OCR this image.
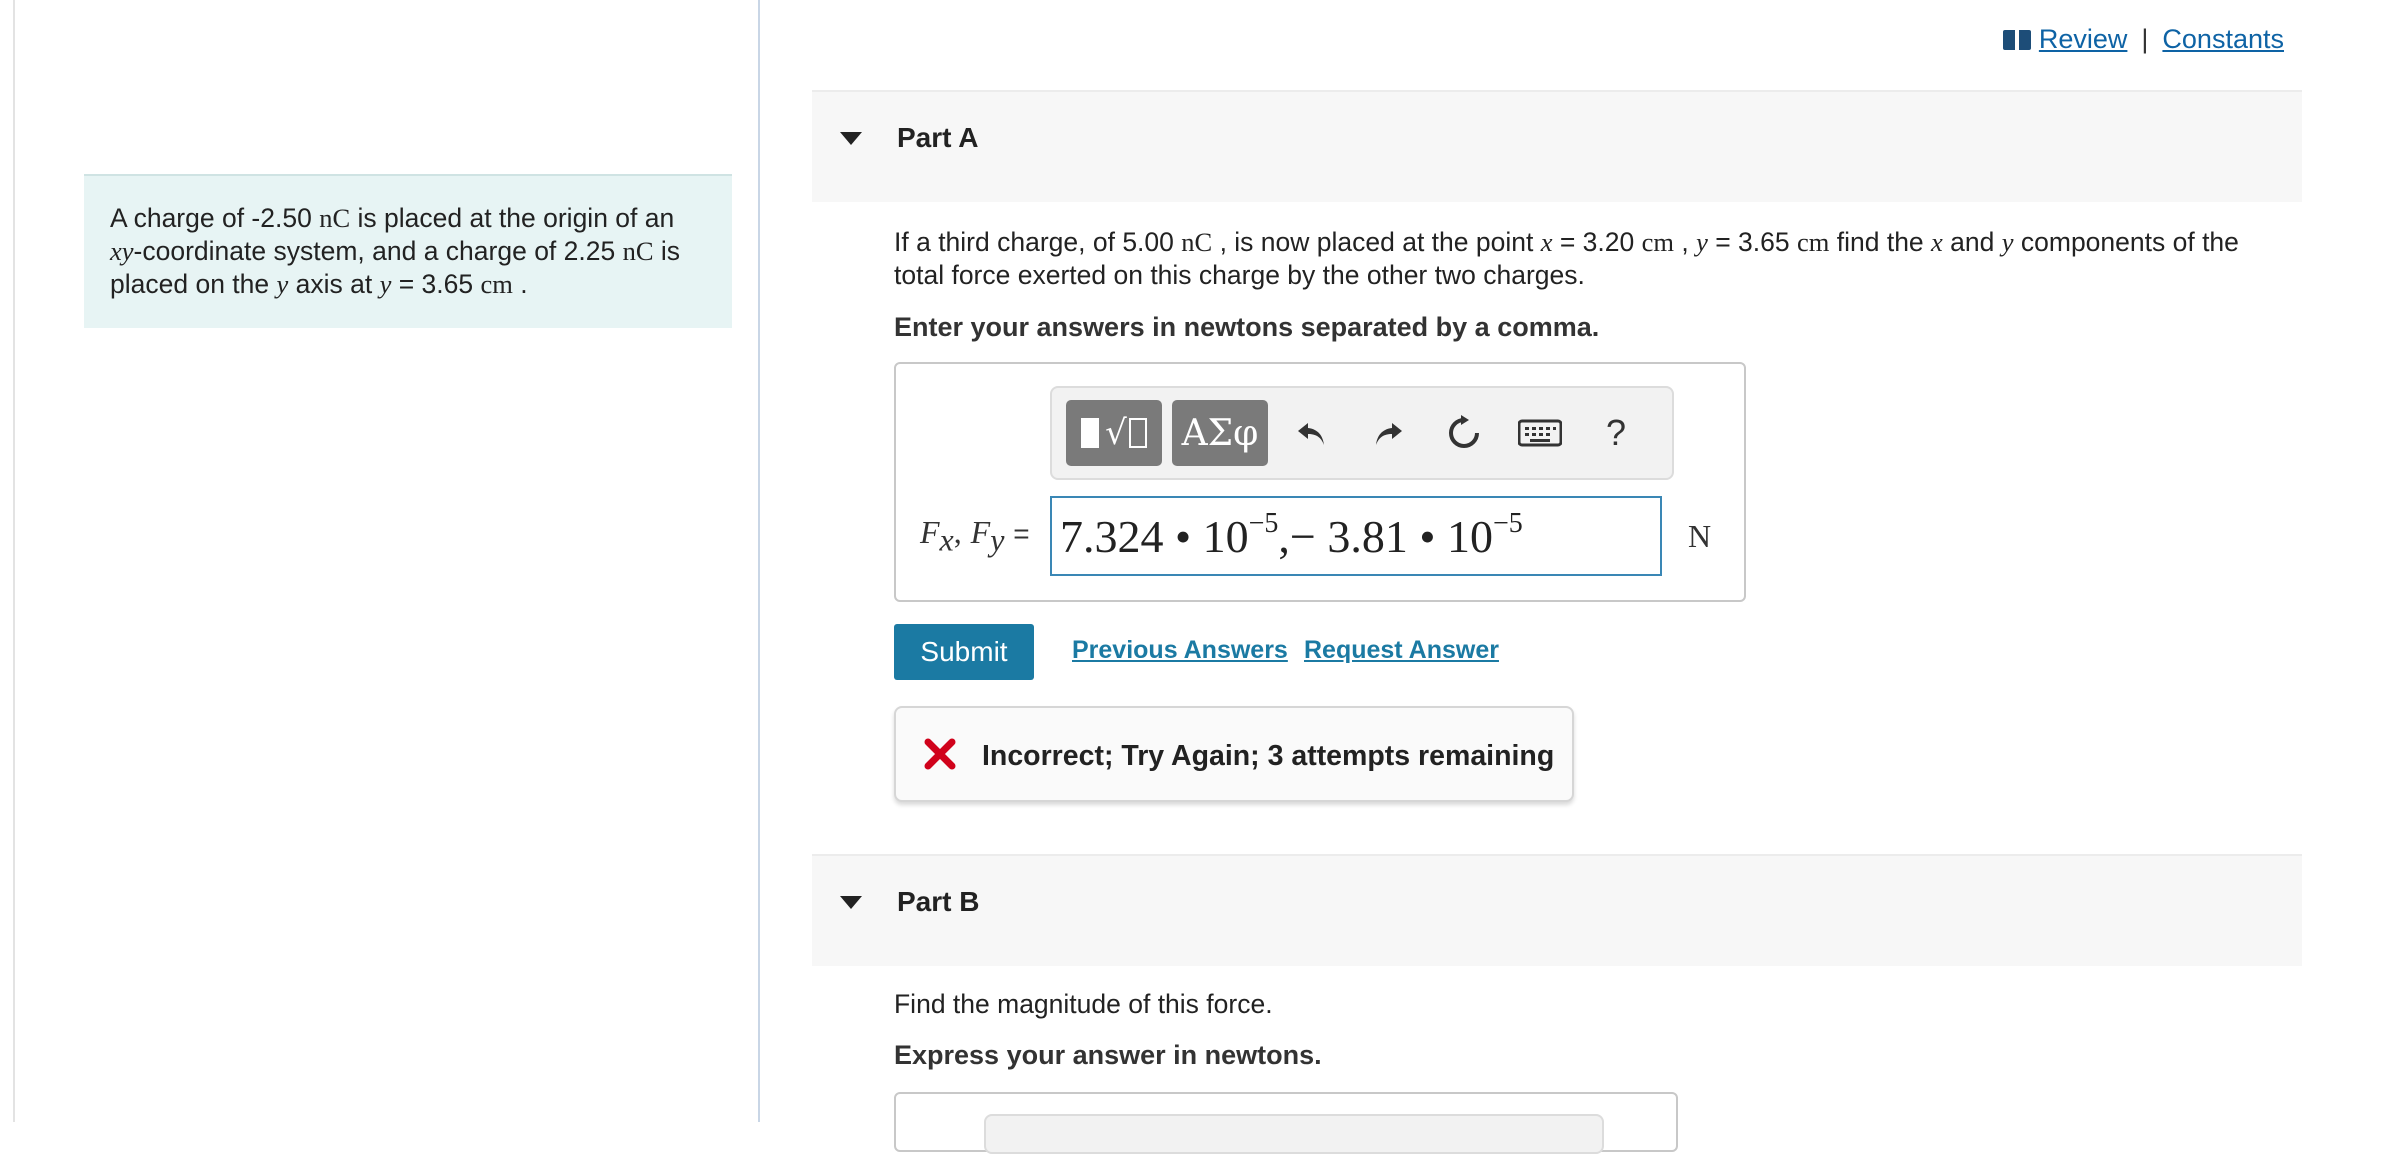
A charge of -2.50 nC is placed at the origin of an
xy-coordinate system, and a charge of 2.25 nC is placed on the y axis at y = 3.65 cm .
Review | Constants
Part A
If a third charge, of 5.00 nC , is now placed at the point x = 3.20 cm , y = 3.65 cm find the x and y components of the
total force exerted on this charge by the other two charges.
Enter your answers in newtons separated by a comma.
√ ΑΣφ	?
$F_x$, $F_y = 7.324$ • $10^{-5},- 3.81$ • $10^{-5}$	N
Submit	Previous Answers Request Answer
Incorrect; Try Again; 3 attempts remaining
Part B
Find the magnitude of this force.
Express your answer in newtons.
